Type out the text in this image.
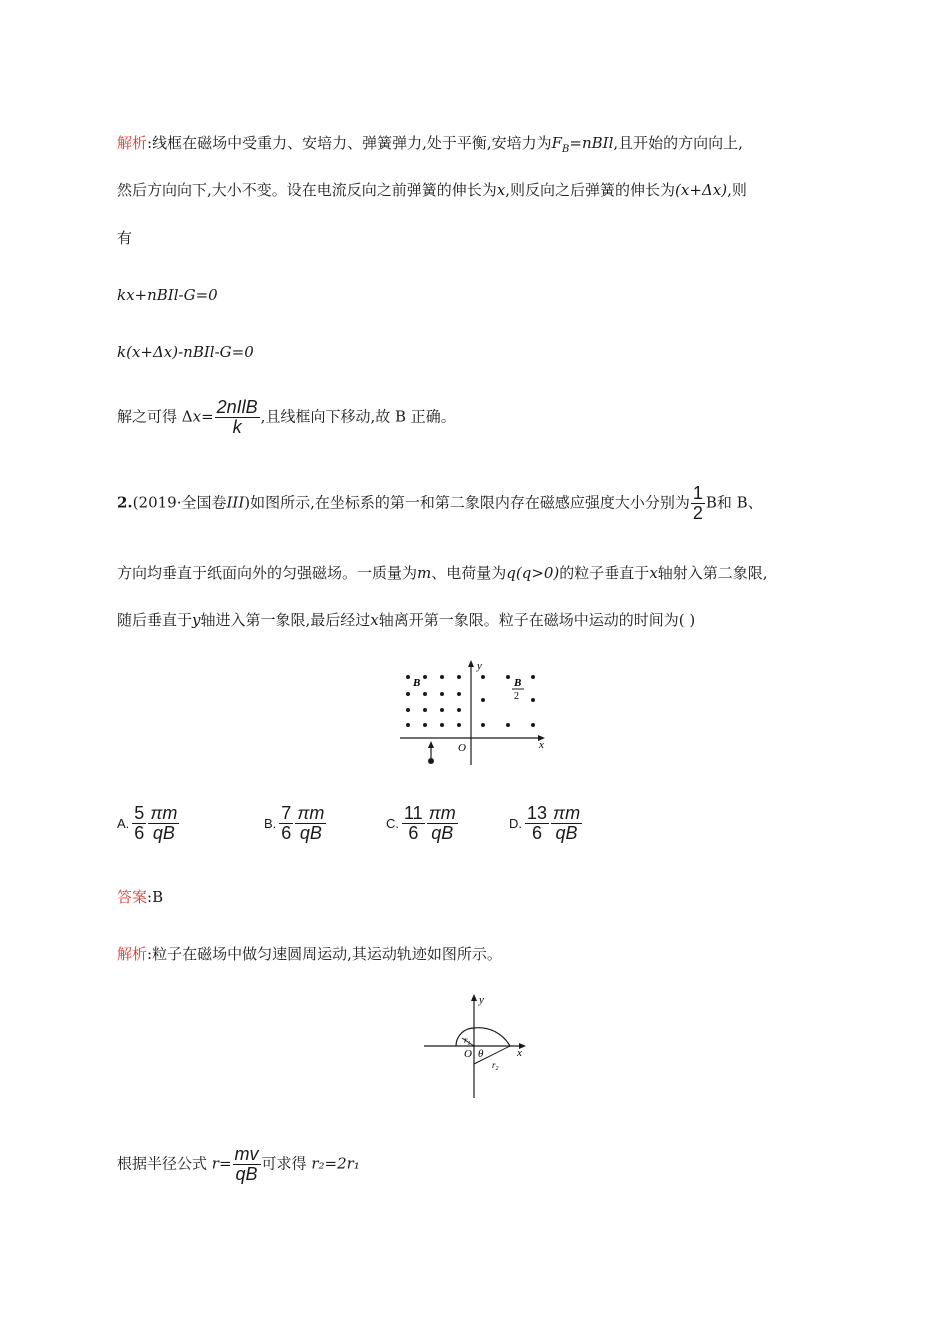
解析:线框在磁场中受重力、安培力、弹簧弹力,处于平衡,安培力为$F_B=nBIl$,且开始的方向向上,
然后方向向下,大小不变。设在电流反向之前弹簧的伸长为x,则反向之后弹簧的伸长为(x+Δx),则
有
kx+nBIl-G=0
k(x+Δx)-nBIl-G=0
解之可得 $\Delta x= \frac{\text{2nIlB}}{k}$ ,且线框向下移动,故 B 正确。
2.(2019·全国卷III)如图所示,在坐标系的第一和第二象限内存在磁感应强度大小分别为 $\frac{1}{2}$ B和 B、
方向均垂直于纸面向外的匀强磁场。一质量为m、电荷量为q(q>0)的粒子垂直于x轴射入第二象限,
随后垂直于y轴进入第一象限,最后经过x轴离开第一象限。粒子在磁场中运动的时间为( )
B	B
2
x
y
O
A. $\frac{5}{6} \frac{\pi m}{qB}$	B. $\frac{7}{6} \frac{\pi m}{qB}$	C. $\frac{11}{6} \frac{\pi m}{qB}$	D. $\frac{13}{6} \frac{\pi m}{qB}$
答案:B
解析:粒子在磁场中做匀速圆周运动,其运动轨迹如图所示。
x
y
O θ
$r_1$
$r_2$
根据半径公式 $r= \frac{mv}{qB}$ 可求得 r₂=2r₁
